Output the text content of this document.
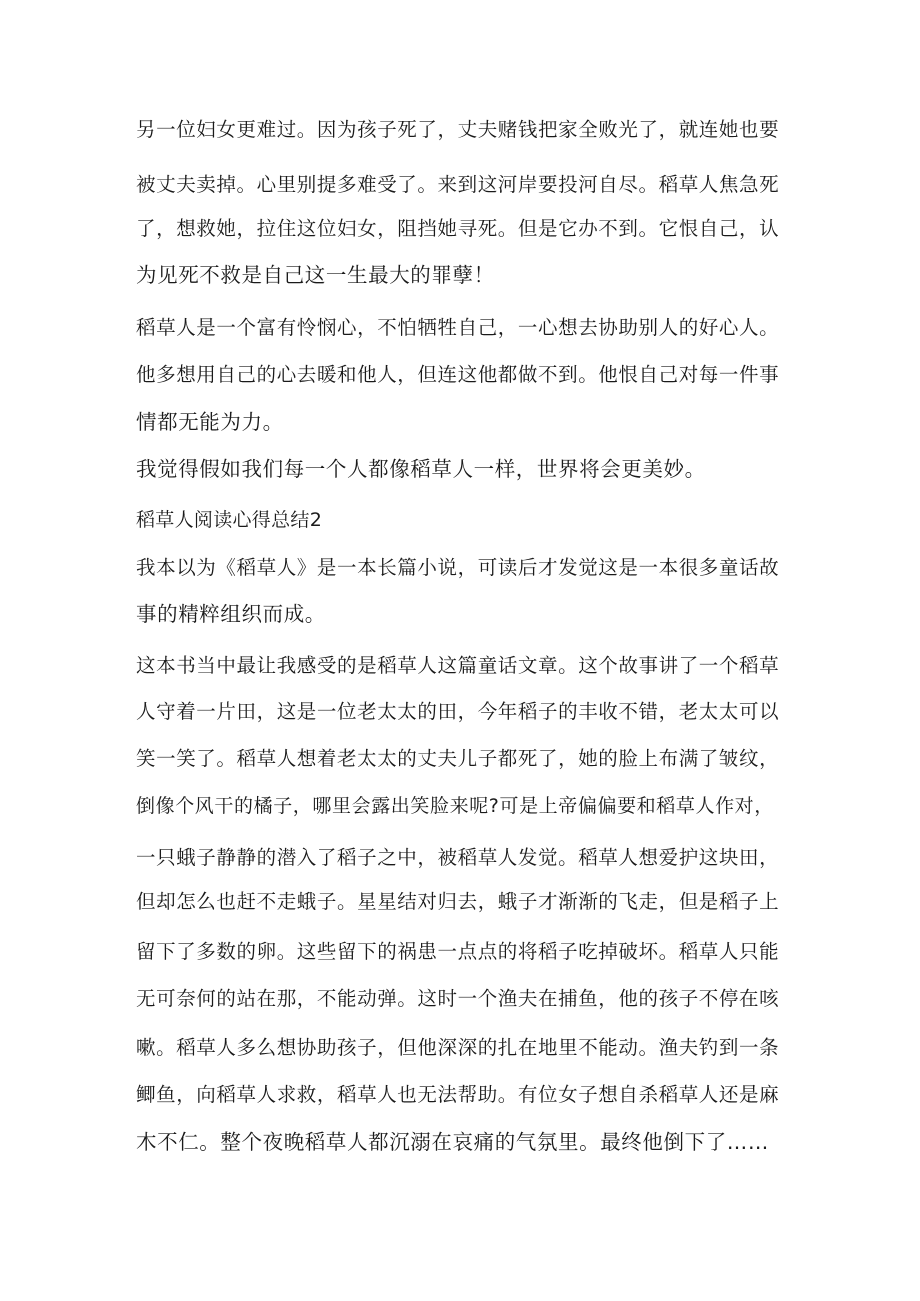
另一位妇女更难过。因为孩子死了，丈夫赌钱把家全败光了，就连她也要

被丈夫卖掉。心里别提多难受了。来到这河岸要投河自尽。稻草人焦急死

了，想救她，拉住这位妇女，阻挡她寻死。但是它办不到。它恨自己，认

为见死不救是自己这一生最大的罪孽！

稻草人是一个富有怜悯心，不怕牺牲自己，一心想去协助别人的好心人。

他多想用自己的心去暖和他人，但连这他都做不到。他恨自己对每一件事

情都无能为力。

我觉得假如我们每一个人都像稻草人一样，世界将会更美妙。

稻草人阅读心得总结2

我本以为《稻草人》是一本长篇小说，可读后才发觉这是一本很多童话故

事的精粹组织而成。

这本书当中最让我感受的是稻草人这篇童话文章。这个故事讲了一个稻草

人守着一片田，这是一位老太太的田，今年稻子的丰收不错，老太太可以

笑一笑了。稻草人想着老太太的丈夫儿子都死了，她的脸上布满了皱纹，

倒像个风干的橘子，哪里会露出笑脸来呢?可是上帝偏偏要和稻草人作对，

一只蛾子静静的潜入了稻子之中，被稻草人发觉。稻草人想爱护这块田，

但却怎么也赶不走蛾子。星星结对归去，蛾子才渐渐的飞走，但是稻子上

留下了多数的卵。这些留下的祸患一点点的将稻子吃掉破坏。稻草人只能

无可奈何的站在那，不能动弹。这时一个渔夫在捕鱼，他的孩子不停在咳

嗽。稻草人多么想协助孩子，但他深深的扎在地里不能动。渔夫钓到一条

鲫鱼，向稻草人求救，稻草人也无法帮助。有位女子想自杀稻草人还是麻

木不仁。整个夜晚稻草人都沉溺在哀痛的气氛里。最终他倒下了……
